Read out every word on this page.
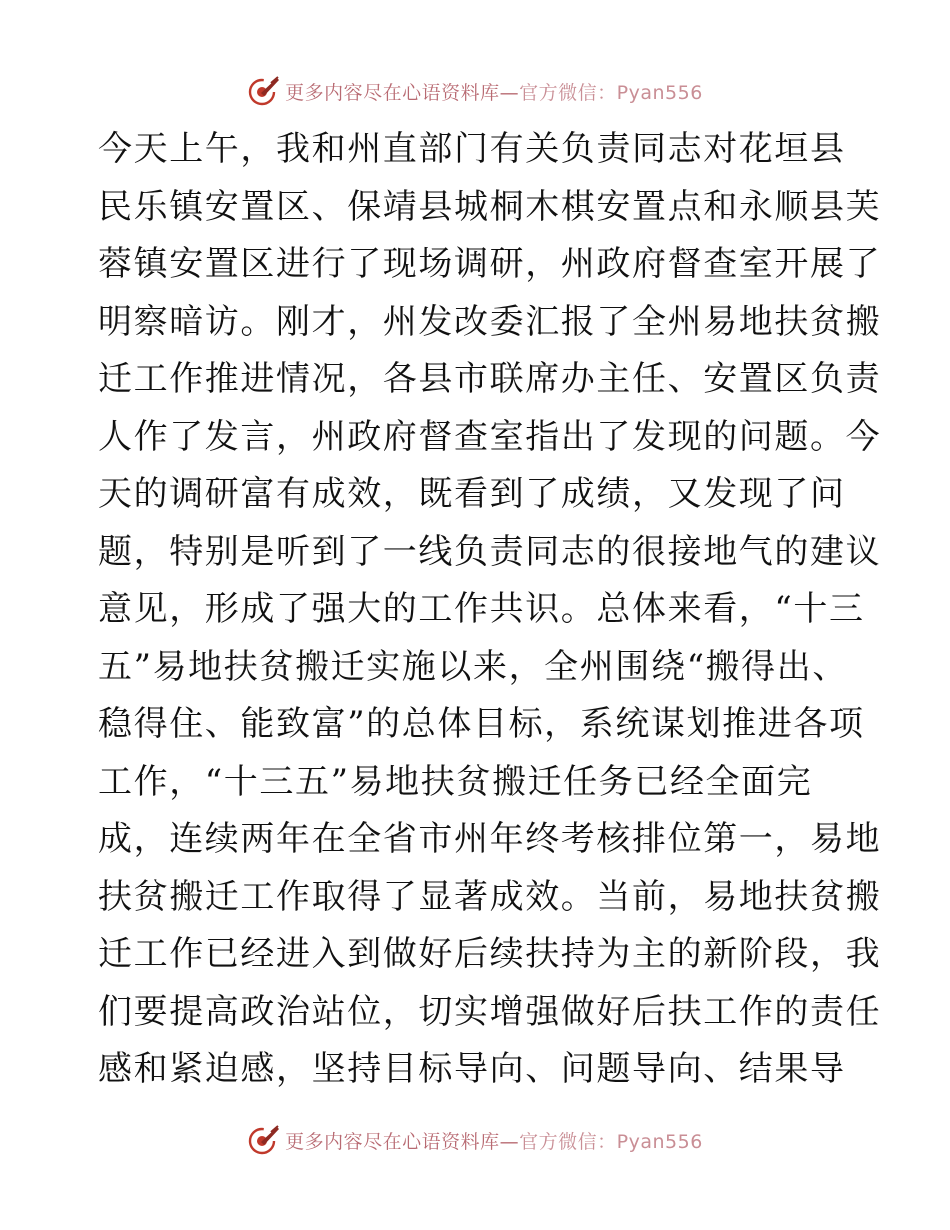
更多内容尽在心语资料库—官方微信：Pyan556
今天上午，我和州直部门有关负责同志对花垣县
民乐镇安置区、保靖县城桐木棋安置点和永顺县芙
蓉镇安置区进行了现场调研，州政府督查室开展了
明察暗访。刚才，州发改委汇报了全州易地扶贫搬
迁工作推进情况，各县市联席办主任、安置区负责
人作了发言，州政府督查室指出了发现的问题。今
天的调研富有成效，既看到了成绩，又发现了问
题，特别是听到了一线负责同志的很接地气的建议
意见，形成了强大的工作共识。总体来看，“十三
五”易地扶贫搬迁实施以来，全州围绕“搬得出、
稳得住、能致富”的总体目标，系统谋划推进各项
工作，“十三五”易地扶贫搬迁任务已经全面完
成，连续两年在全省市州年终考核排位第一，易地
扶贫搬迁工作取得了显著成效。当前，易地扶贫搬
迁工作已经进入到做好后续扶持为主的新阶段，我
们要提高政治站位，切实增强做好后扶工作的责任
感和紧迫感，坚持目标导向、问题导向、结果导
更多内容尽在心语资料库—官方微信：Pyan556
